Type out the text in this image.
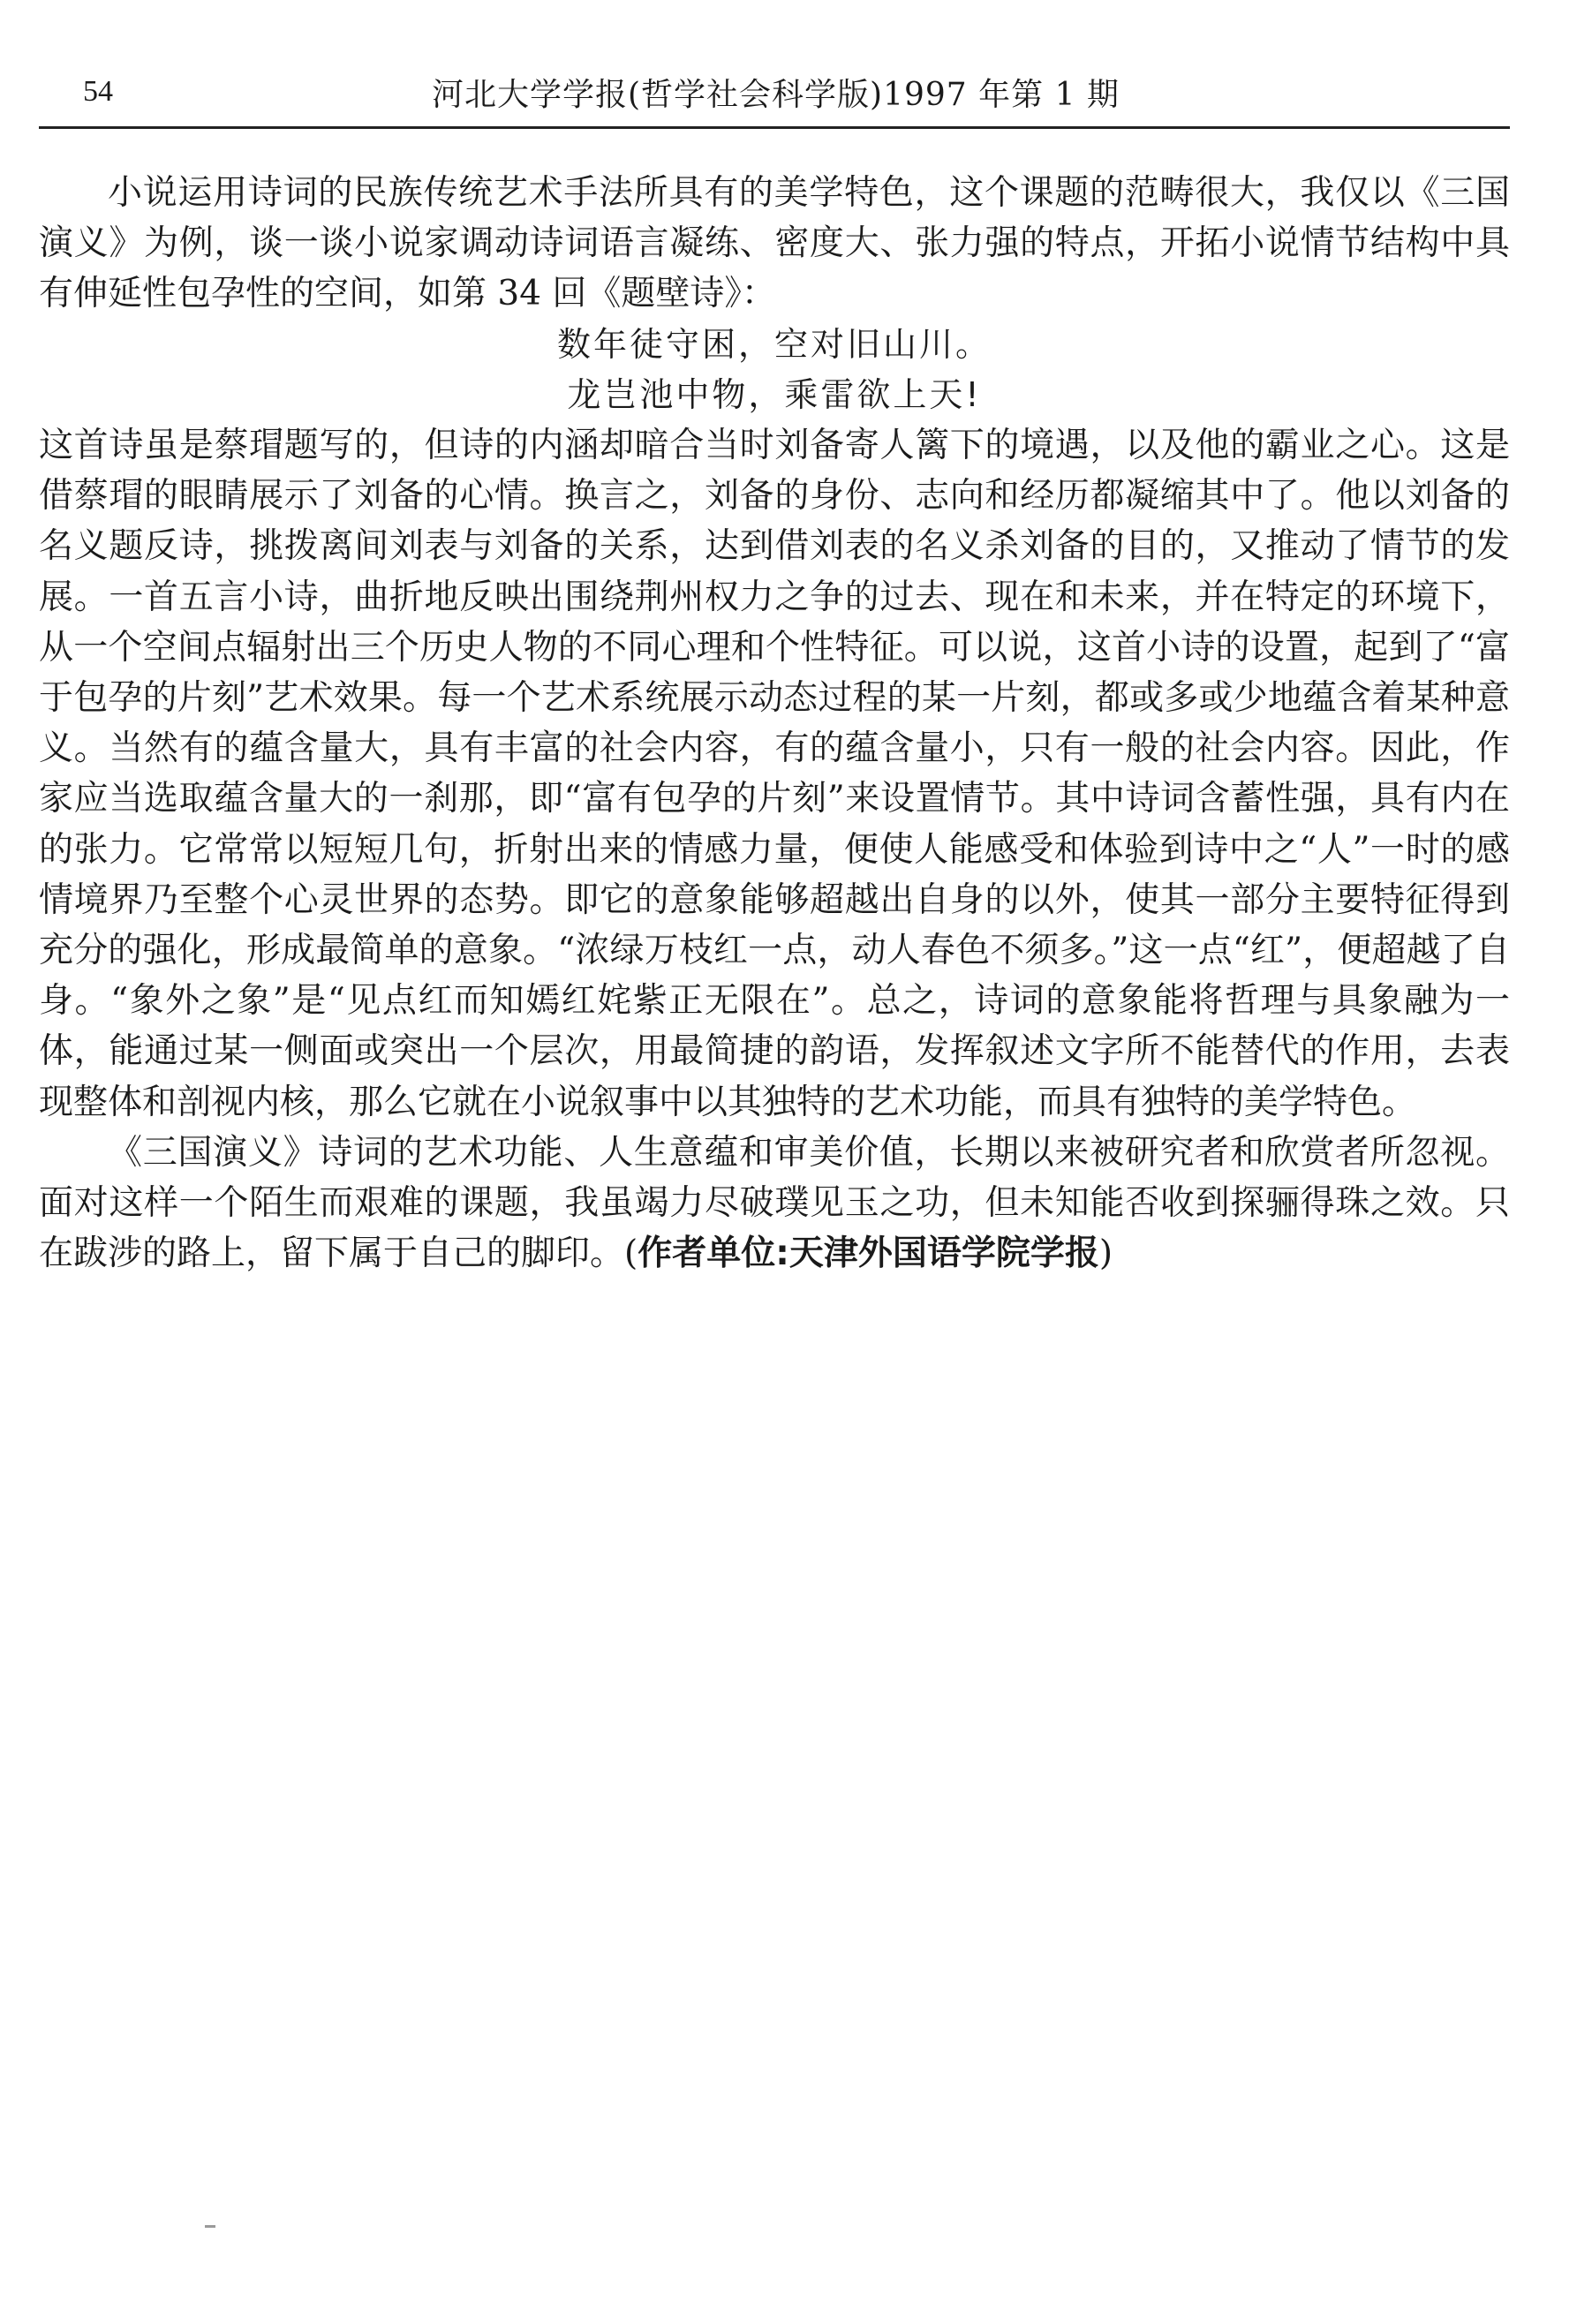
54	河北大学学报(哲学社会科学版)1997 年第 1 期

小说运用诗词的民族传统艺术手法所具有的美学特色，这个课题的范畴很大，我仅以《三国演义》为例，谈一谈小说家调动诗词语言凝练、密度大、张力强的特点，开拓小说情节结构中具有伸延性包孕性的空间，如第 34 回《题壁诗》：

数年徒守困，空对旧山川。

龙岂池中物，乘雷欲上天!

这首诗虽是蔡瑁题写的，但诗的内涵却暗合当时刘备寄人篱下的境遇，以及他的霸业之心。这是借蔡瑁的眼睛展示了刘备的心情。换言之，刘备的身份、志向和经历都凝缩其中了。他以刘备的名义题反诗，挑拨离间刘表与刘备的关系，达到借刘表的名义杀刘备的目的，又推动了情节的发展。一首五言小诗，曲折地反映出围绕荆州权力之争的过去、现在和未来，并在特定的环境下，从一个空间点辐射出三个历史人物的不同心理和个性特征。可以说，这首小诗的设置，起到了“富于包孕的片刻”艺术效果。每一个艺术系统展示动态过程的某一片刻，都或多或少地蕴含着某种意义。当然有的蕴含量大，具有丰富的社会内容，有的蕴含量小，只有一般的社会内容。因此，作家应当选取蕴含量大的一刹那，即“富有包孕的片刻”来设置情节。其中诗词含蓄性强，具有内在的张力。它常常以短短几句，折射出来的情感力量，便使人能感受和体验到诗中之“人”一时的感情境界乃至整个心灵世界的态势。即它的意象能够超越出自身的以外，使其一部分主要特征得到充分的强化，形成最简单的意象。“浓绿万枝红一点，动人春色不须多。”这一点“红”，便超越了自身。“象外之象”是“见点红而知嫣红姹紫正无限在”。总之，诗词的意象能将哲理与具象融为一体，能通过某一侧面或突出一个层次，用最简捷的韵语，发挥叙述文字所不能替代的作用，去表现整体和剖视内核，那么它就在小说叙事中以其独特的艺术功能，而具有独特的美学特色。

《三国演义》诗词的艺术功能、人生意蕴和审美价值，长期以来被研究者和欣赏者所忽视。面对这样一个陌生而艰难的课题，我虽竭力尽破璞见玉之功，但未知能否收到探骊得珠之效。只在跋涉的路上，留下属于自己的脚印。(作者单位:天津外国语学院学报)
